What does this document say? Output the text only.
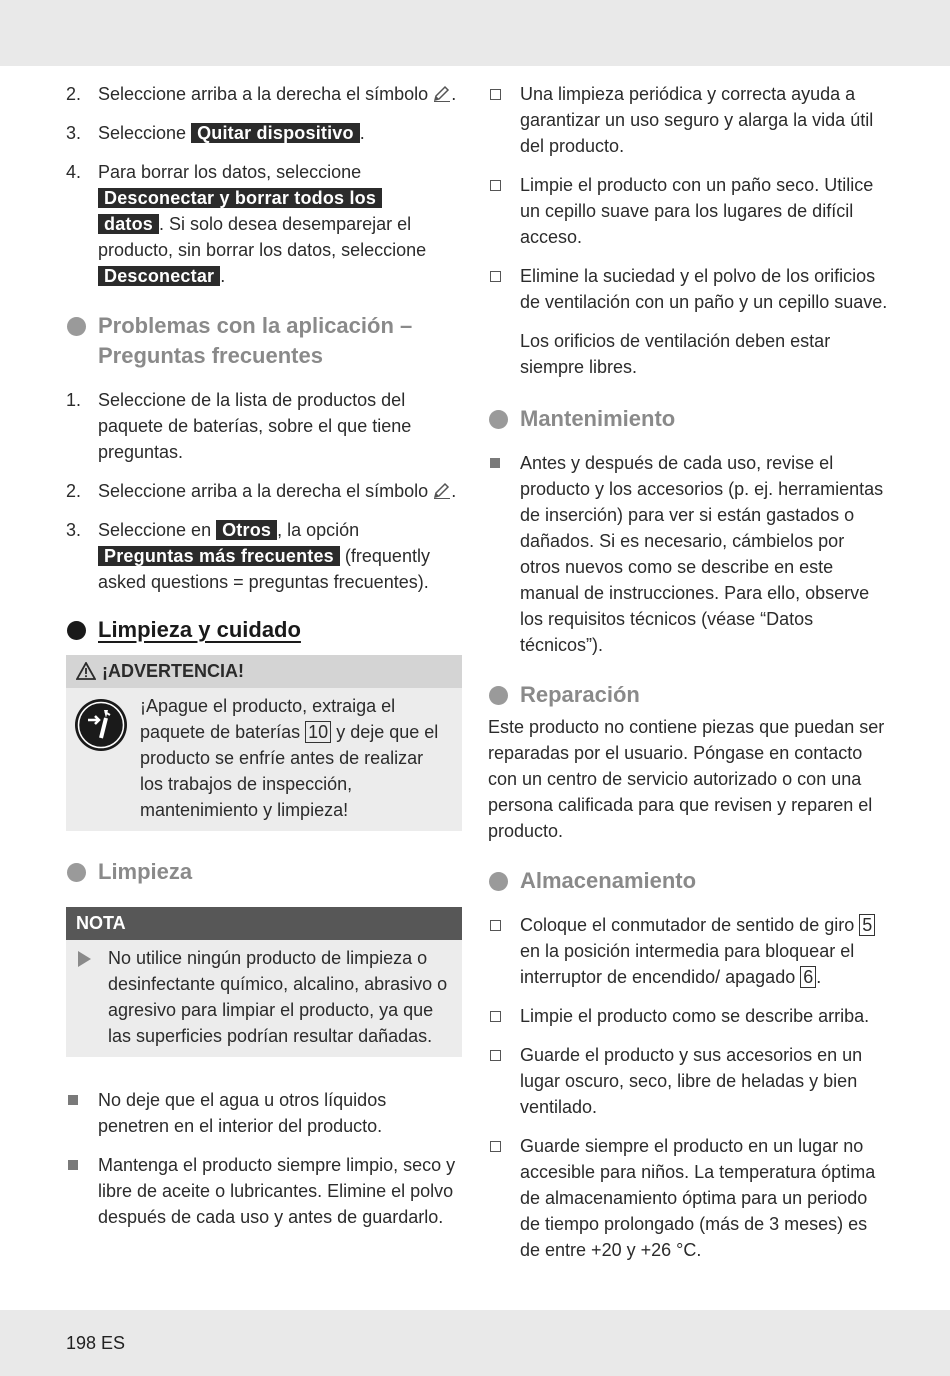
2. Seleccione arriba a la derecha el símbolo .
3. Seleccione Quitar dispositivo .
4. Para borrar los datos, seleccione
Desconectar y borrar todos los
datos . Si solo desea desemparejar el producto, sin borrar los datos, seleccione
Desconectar .
Problemas con la aplicación – Preguntas frecuentes
1. Seleccione de la lista de productos del paquete de baterías, sobre el que tiene preguntas.
2. Seleccione arriba a la derecha el símbolo .
3. Seleccione en Otros , la opción
Preguntas más frecuentes (frequently asked questions = preguntas frecuentes).
Limpieza y cuidado
¡ADVERTENCIA!
¡Apague el producto, extraiga el paquete de baterías 10 y deje que el producto se enfríe antes de realizar los trabajos de inspección, mantenimiento y limpieza!
Limpieza
NOTA
No utilice ningún producto de limpieza o desinfectante químico, alcalino, abrasivo o agresivo para limpiar el producto, ya que las superficies podrían resultar dañadas.
No deje que el agua u otros líquidos penetren en el interior del producto.
Mantenga el producto siempre limpio, seco y libre de aceite o lubricantes. Elimine el polvo después de cada uso y antes de guardarlo.
Una limpieza periódica y correcta ayuda a garantizar un uso seguro y alarga la vida útil del producto.
Limpie el producto con un paño seco. Utilice un cepillo suave para los lugares de difícil acceso.
Elimine la suciedad y el polvo de los orificios de ventilación con un paño y un cepillo suave.
Los orificios de ventilación deben estar siempre libres.
Mantenimiento
Antes y después de cada uso, revise el producto y los accesorios (p. ej. herramientas de inserción) para ver si están gastados o dañados. Si es necesario, cámbielos por otros nuevos como se describe en este manual de instrucciones. Para ello, observe los requisitos técnicos (véase “Datos técnicos”).
Reparación
Este producto no contiene piezas que puedan ser reparadas por el usuario. Póngase en contacto con un centro de servicio autorizado o con una persona calificada para que revisen y reparen el producto.
Almacenamiento
Coloque el conmutador de sentido de giro 5 en la posición intermedia para bloquear el interruptor de encendido/ apagado 6 .
Limpie el producto como se describe arriba.
Guarde el producto y sus accesorios en un lugar oscuro, seco, libre de heladas y bien ventilado.
Guarde siempre el producto en un lugar no accesible para niños. La temperatura óptima de almacenamiento óptima para un periodo de tiempo prolongado (más de 3 meses) es de entre +20 y +26 °C.
198 ES
